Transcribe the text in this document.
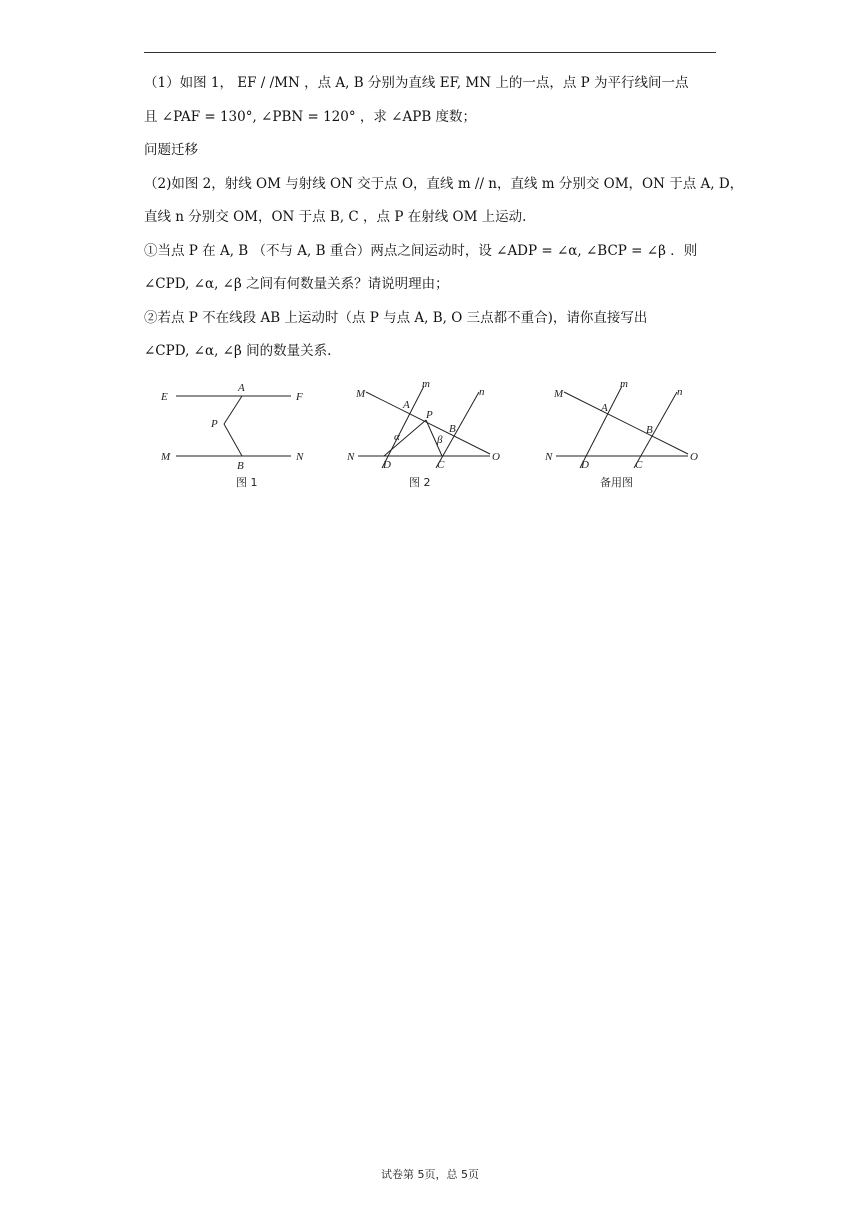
（1）如图 1， EF / /MN ，点 A, B 分别为直线 EF, MN 上的一点，点 P 为平行线间一点
且 ∠PAF = 130°, ∠PBN = 120° ，求 ∠APB 度数；
问题迁移
（2)如图 2，射线 OM 与射线 ON 交于点 O，直线 m // n，直线 m 分别交 OM，ON 于点 A, D，
直线 n 分别交 OM，ON 于点 B, C ，点 P 在射线 OM 上运动.
①当点 P 在 A, B （不与 A, B 重合）两点之间运动时，设 ∠ADP = ∠α, ∠BCP = ∠β ．则
∠CPD, ∠α, ∠β 之间有何数量关系？请说明理由；
②若点 P 不在线段 AB 上运动时（点 P 与点 A, B, O 三点都不重合)，请你直接写出
∠CPD, ∠α, ∠β 间的数量关系.
E
A
F
P
M
B
N
图 1
M
m
n
A
P
B
α	β
N
D	C
O
图 2
M
m
n
A
B
N
D	C
O
备用图
试卷第 5页，总 5页
